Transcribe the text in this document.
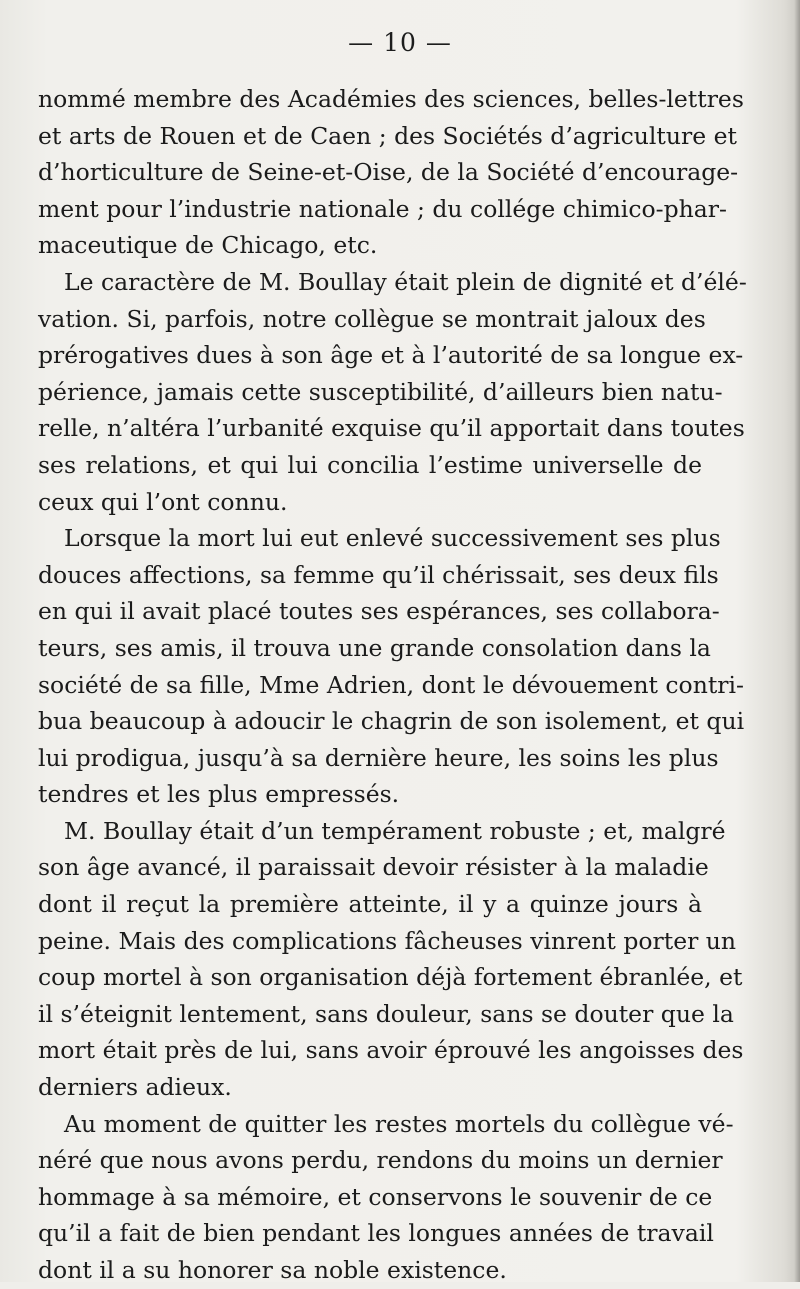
— 10 —

nommé membre des Académies des sciences, belles-lettres
et arts de Rouen et de Caen ; des Sociétés d’agriculture et
d’horticulture de Seine-et-Oise, de la Société d’encourage-
ment pour l’industrie nationale ; du collége chimico-phar-
maceutique de Chicago, etc.
Le caractère de M. Boullay était plein de dignité et d’élé-
vation. Si, parfois, notre collègue se montrait jaloux des
prérogatives dues à son âge et à l’autorité de sa longue ex-
périence, jamais cette susceptibilité, d’ailleurs bien natu-
relle, n’altéra l’urbanité exquise qu’il apportait dans toutes
ses relations, et qui lui concilia l’estime universelle de
ceux qui l’ont connu.
Lorsque la mort lui eut enlevé successivement ses plus
douces affections, sa femme qu’il chérissait, ses deux fils
en qui il avait placé toutes ses espérances, ses collabora-
teurs, ses amis, il trouva une grande consolation dans la
société de sa fille, Mme Adrien, dont le dévouement contri-
bua beaucoup à adoucir le chagrin de son isolement, et qui
lui prodigua, jusqu’à sa dernière heure, les soins les plus
tendres et les plus empressés.
M. Boullay était d’un tempérament robuste ; et, malgré
son âge avancé, il paraissait devoir résister à la maladie
dont il reçut la première atteinte, il y a quinze jours à
peine. Mais des complications fâcheuses vinrent porter un
coup mortel à son organisation déjà fortement ébranlée, et
il s’éteignit lentement, sans douleur, sans se douter que la
mort était près de lui, sans avoir éprouvé les angoisses des
derniers adieux.
Au moment de quitter les restes mortels du collègue vé-
néré que nous avons perdu, rendons du moins un dernier
hommage à sa mémoire, et conservons le souvenir de ce
qu’il a fait de bien pendant les longues années de travail
dont il a su honorer sa noble existence.
